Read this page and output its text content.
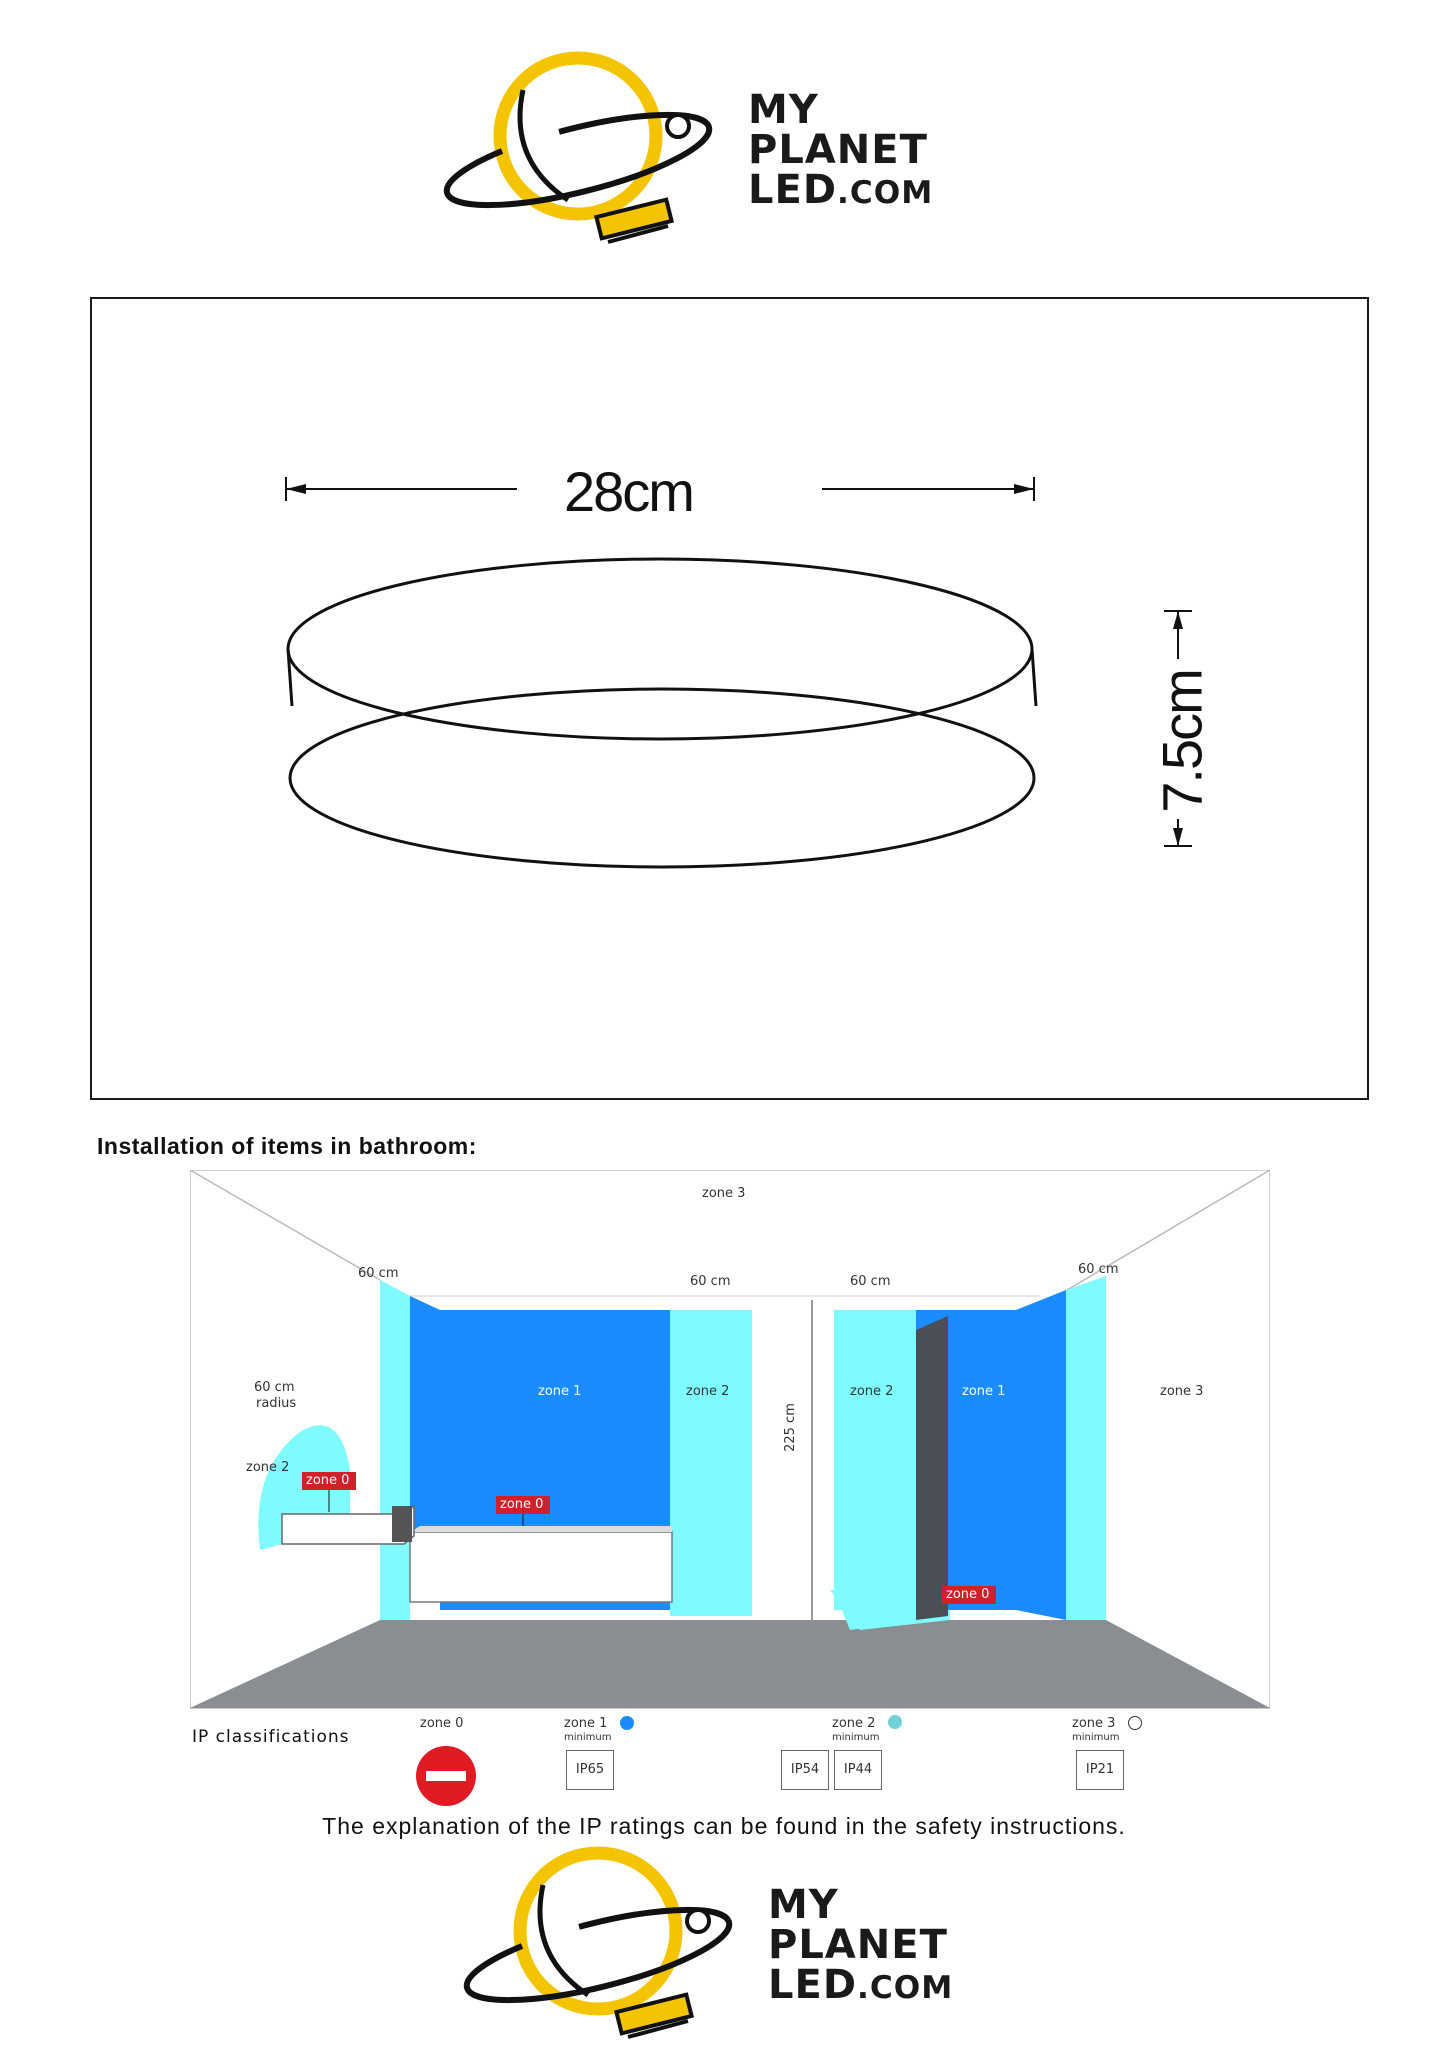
MY
PLANET
LED.COM
28cm
7.5cm
Installation of items in bathroom:
zone 3
zone 3
zone 1	zone 1
zone 2	zone 2
zone 2
zone 0
zone 0
zone 0
60 cm
60 cm	60 cm
60 cm
60 cm
radius	225 cm
IP classifications
zone 0	zone 1
minimum
IP65
zone 2
minimum
IP54	IP44
zone 3
minimum
IP21
The explanation of the IP ratings can be found in the safety instructions.
MY
PLANET
LED.COM
